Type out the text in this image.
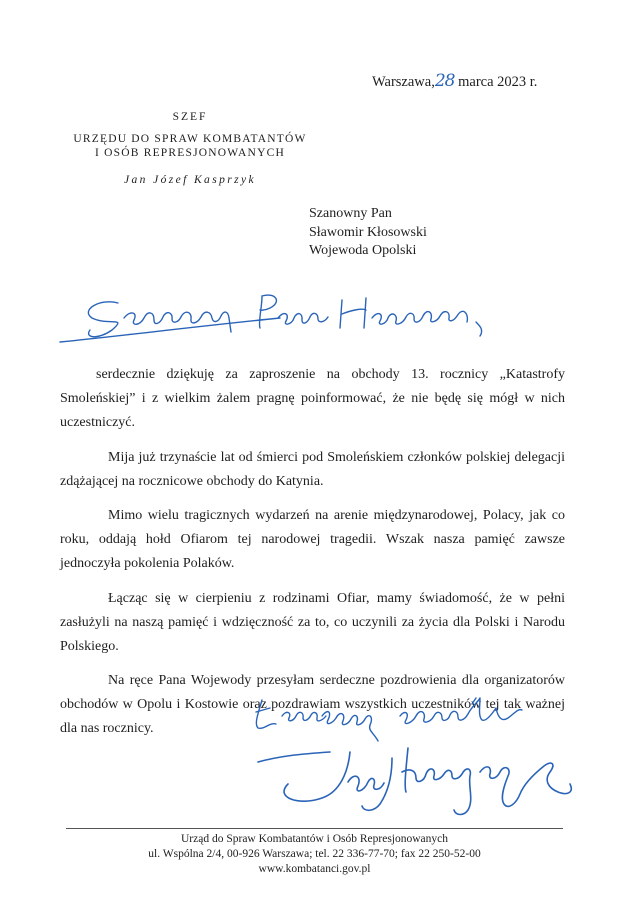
Warszawa,28 marca 2023 r.
SZEF
URZĘDU DO SPRAW KOMBATANTÓW
I OSÓB REPRESJONOWANYCH
Jan Józef Kasprzyk
Szanowny Pan
Sławomir Kłosowski
Wojewoda Opolski

serdecznie dziękuję za zaproszenie na obchody 13. rocznicy „Katastrofy Smoleńskiej” i z wielkim żalem pragnę poinformować, że nie będę się mógł w nich uczestniczyć.

Mija już trzynaście lat od śmierci pod Smoleńskiem członków polskiej delegacji zdążającej na rocznicowe obchody do Katynia.

Mimo wielu tragicznych wydarzeń na arenie międzynarodowej, Polacy, jak co roku, oddają hołd Ofiarom tej narodowej tragedii. Wszak nasza pamięć zawsze jednoczyła pokolenia Polaków.

Łącząc się w cierpieniu z rodzinami Ofiar, mamy świadomość, że w pełni zasłużyli na naszą pamięć i wdzięczność za to, co uczynili za życia dla Polski i Narodu Polskiego.

Na ręce Pana Wojewody przesyłam serdeczne pozdrowienia dla organizatorów obchodów w Opolu i Kostowie oraz pozdrawiam wszystkich uczestników tej tak ważnej dla nas rocznicy.

Urząd do Spraw Kombatantów i Osób Represjonowanych
ul. Wspólna 2/4, 00-926 Warszawa; tel. 22 336-77-70; fax 22 250-52-00
www.kombatanci.gov.pl
